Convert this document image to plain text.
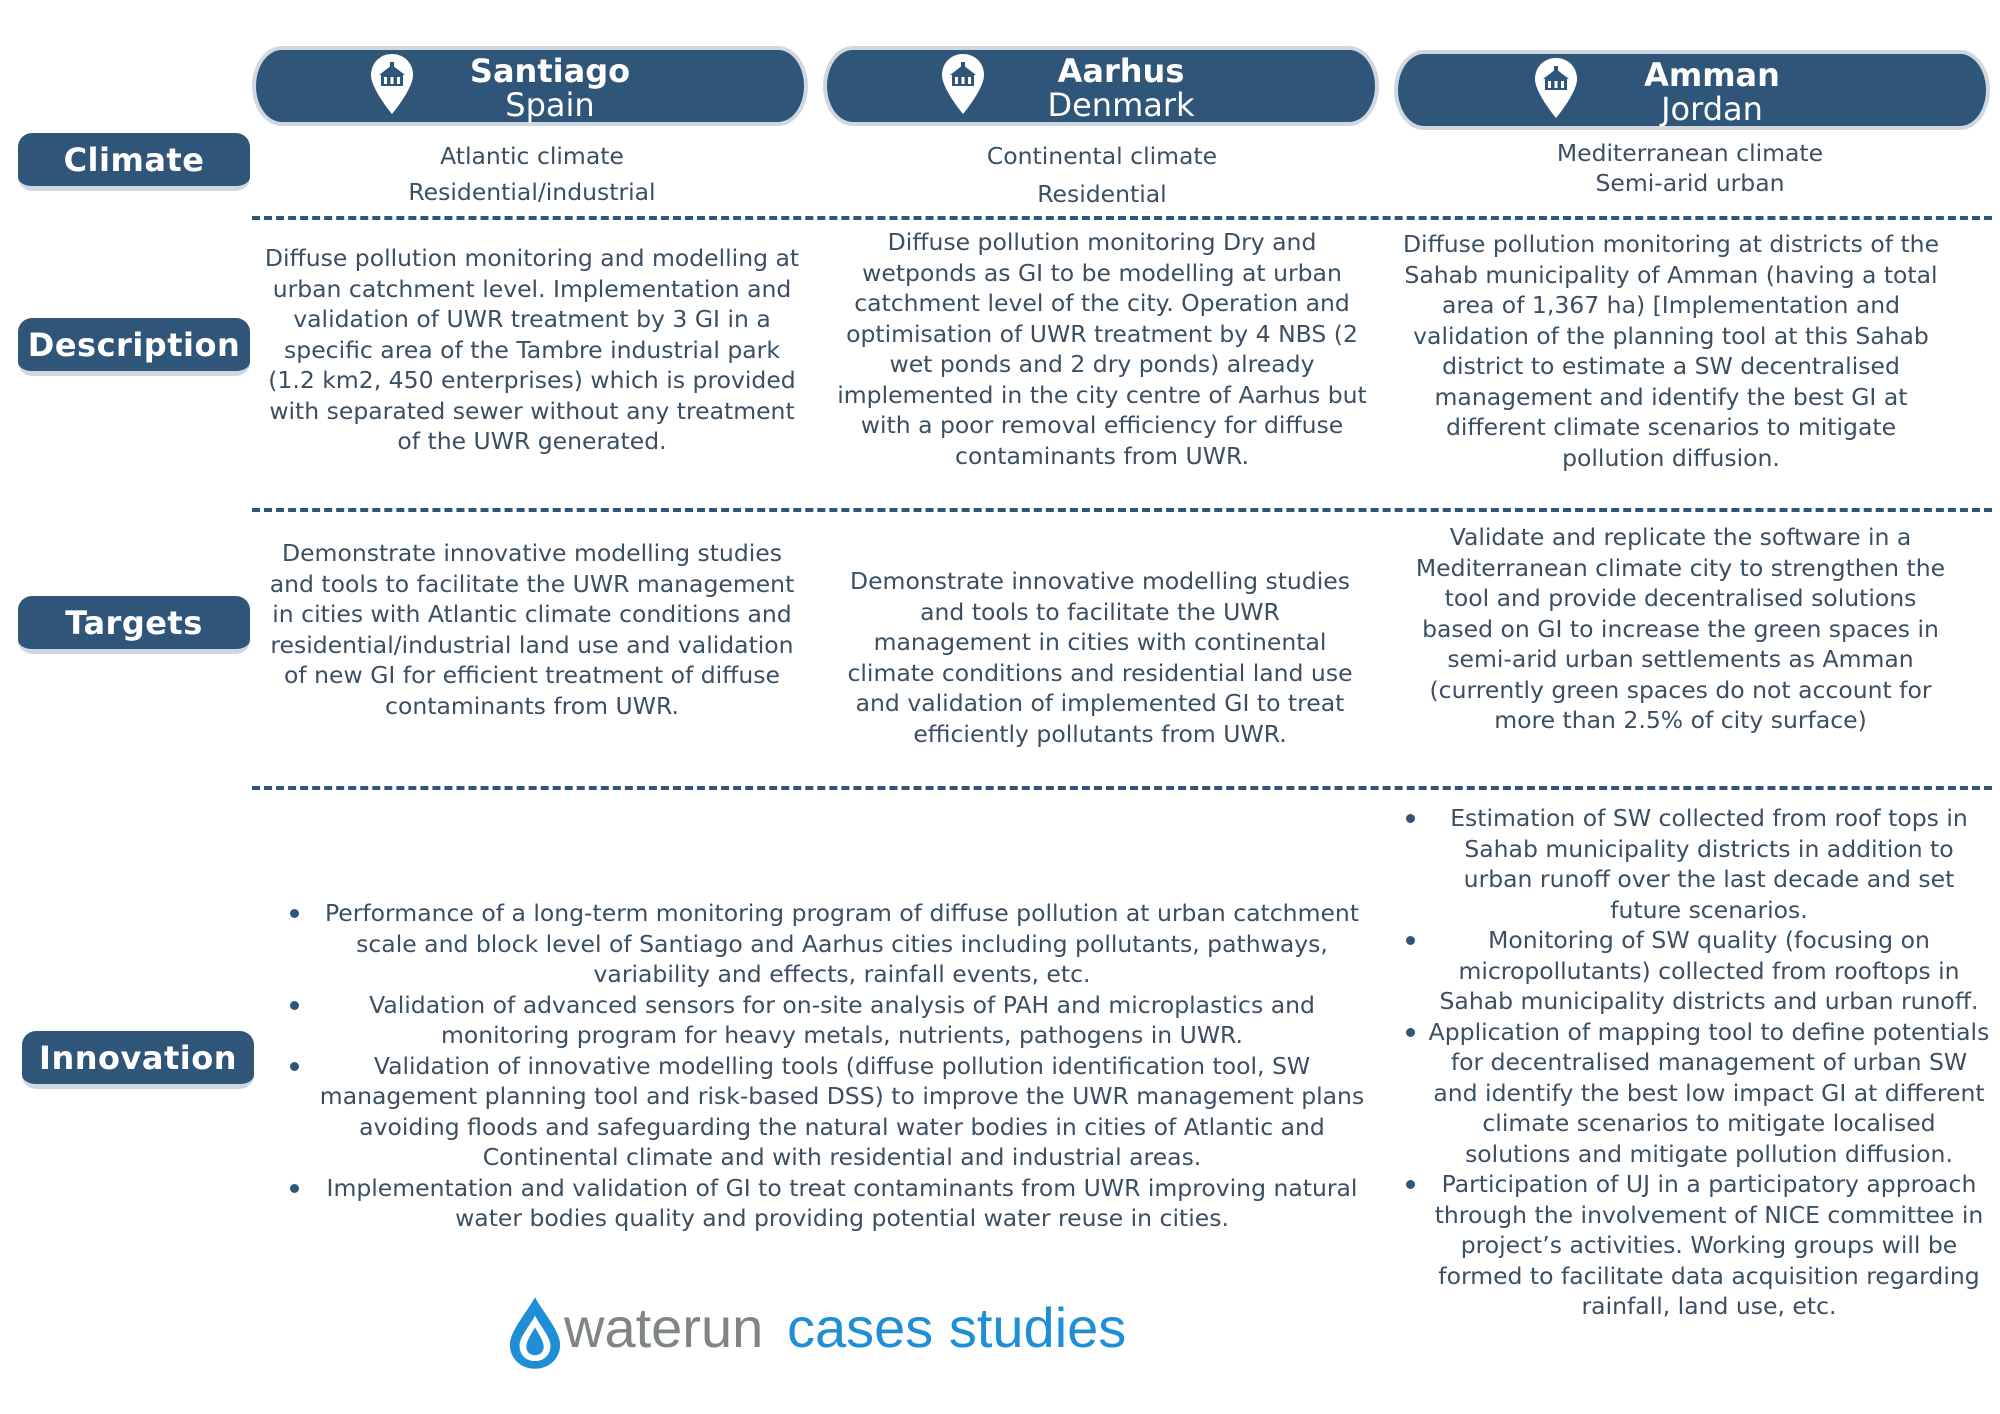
Santiago
Spain
Aarhus
Denmark
Amman
Jordan
Climate type
Description
Targets
Innovation
Atlantic climate
Residential/industrial
Continental climate
Residential
Mediterranean climate
Semi-arid urban
Diffuse pollution monitoring and modelling at urban catchment level. Implementation and validation of UWR treatment by 3 GI in a specific area of the Tambre industrial park (1.2 km2, 450 enterprises) which is provided with separated sewer without any treatment of the UWR generated.
Diffuse pollution monitoring Dry and wetponds as GI to be modelling at urban catchment level of the city. Operation and optimisation of UWR treatment by 4 NBS (2 wet ponds and 2 dry ponds) already implemented in the city centre of Aarhus but with a poor removal efficiency for diffuse contaminants from UWR.
Diffuse pollution monitoring at districts of the Sahab municipality of Amman (having a total area of 1,367 ha) [Implementation and validation of the planning tool at this Sahab district to estimate a SW decentralised management and identify the best GI at different climate scenarios to mitigate pollution diffusion.
Demonstrate innovative modelling studies and tools to facilitate the UWR management in cities with Atlantic climate conditions and residential/industrial land use and validation of new GI for efficient treatment of diffuse contaminants from UWR.
Demonstrate innovative modelling studies and tools to facilitate the UWR management in cities with continental climate conditions and residential land use and validation of implemented GI to treat efficiently pollutants from UWR.
Validate and replicate the software in a Mediterranean climate city to strengthen the tool and provide decentralised solutions based on GI to increase the green spaces in semi-arid urban settlements as Amman (currently green spaces do not account for more than 2.5% of city surface)
Performance of a long-term monitoring program of diffuse pollution at urban catchment scale and block level of Santiago and Aarhus cities including pollutants, pathways, variability and effects, rainfall events, etc.
Validation of advanced sensors for on-site analysis of PAH and microplastics and monitoring program for heavy metals, nutrients, pathogens in UWR.
Validation of innovative modelling tools (diffuse pollution identification tool, SW management planning tool and risk-based DSS) to improve the UWR management plans avoiding floods and safeguarding the natural water bodies in cities of Atlantic and Continental climate and with residential and industrial areas.
Implementation and validation of GI to treat contaminants from UWR improving natural water bodies quality and providing potential water reuse in cities.
Estimation of SW collected from roof tops in Sahab municipality districts in addition to urban runoff over the last decade and set future scenarios.
Monitoring of SW quality (focusing on micropollutants) collected from rooftops in Sahab municipality districts and urban runoff.
Application of mapping tool to define potentials for decentralised management of urban SW and identify the best low impact GI at different climate scenarios to mitigate localised solutions and mitigate pollution diffusion.
Participation of UJ in a participatory approach through the involvement of NICE committee in project’s activities. Working groups will be formed to facilitate data acquisition regarding rainfall, land use, etc.
waterun cases studies
